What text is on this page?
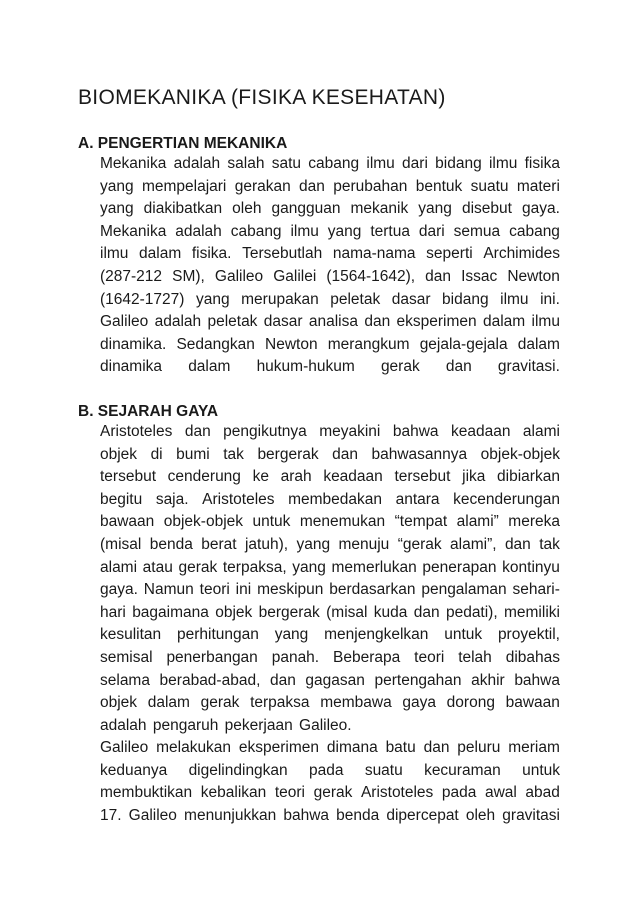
BIOMEKANIKA (FISIKA KESEHATAN)
A. PENGERTIAN MEKANIKA
Mekanika adalah salah satu cabang ilmu dari bidang ilmu fisika
yang mempelajari gerakan dan perubahan bentuk suatu materi
yang diakibatkan oleh gangguan mekanik yang disebut gaya.
Mekanika adalah cabang ilmu yang tertua dari semua cabang
ilmu dalam fisika. Tersebutlah nama-nama seperti Archimides
(287-212 SM), Galileo Galilei (1564-1642), dan Issac Newton
(1642-1727) yang merupakan peletak dasar bidang ilmu ini.
Galileo adalah peletak dasar analisa dan eksperimen dalam ilmu
dinamika. Sedangkan Newton merangkum gejala-gejala dalam
dinamika dalam hukum-hukum gerak dan gravitasi.
B. SEJARAH GAYA
Aristoteles dan pengikutnya meyakini bahwa keadaan alami
objek di bumi tak bergerak dan bahwasannya objek-objek
tersebut cenderung ke arah keadaan tersebut jika dibiarkan
begitu saja. Aristoteles membedakan antara kecenderungan
bawaan objek-objek untuk menemukan “tempat alami” mereka
(misal benda berat jatuh), yang menuju “gerak alami”, dan tak
alami atau gerak terpaksa, yang memerlukan penerapan kontinyu
gaya. Namun teori ini meskipun berdasarkan pengalaman sehari-
hari bagaimana objek bergerak (misal kuda dan pedati), memiliki
kesulitan perhitungan yang menjengkelkan untuk proyektil,
semisal penerbangan panah. Beberapa teori telah dibahas
selama berabad-abad, dan gagasan pertengahan akhir bahwa
objek dalam gerak terpaksa membawa gaya dorong bawaan
adalah pengaruh pekerjaan Galileo.
Galileo melakukan eksperimen dimana batu dan peluru meriam
keduanya digelindingkan pada suatu kecuraman untuk
membuktikan kebalikan teori gerak Aristoteles pada awal abad
17. Galileo menunjukkan bahwa benda dipercepat oleh gravitasi
